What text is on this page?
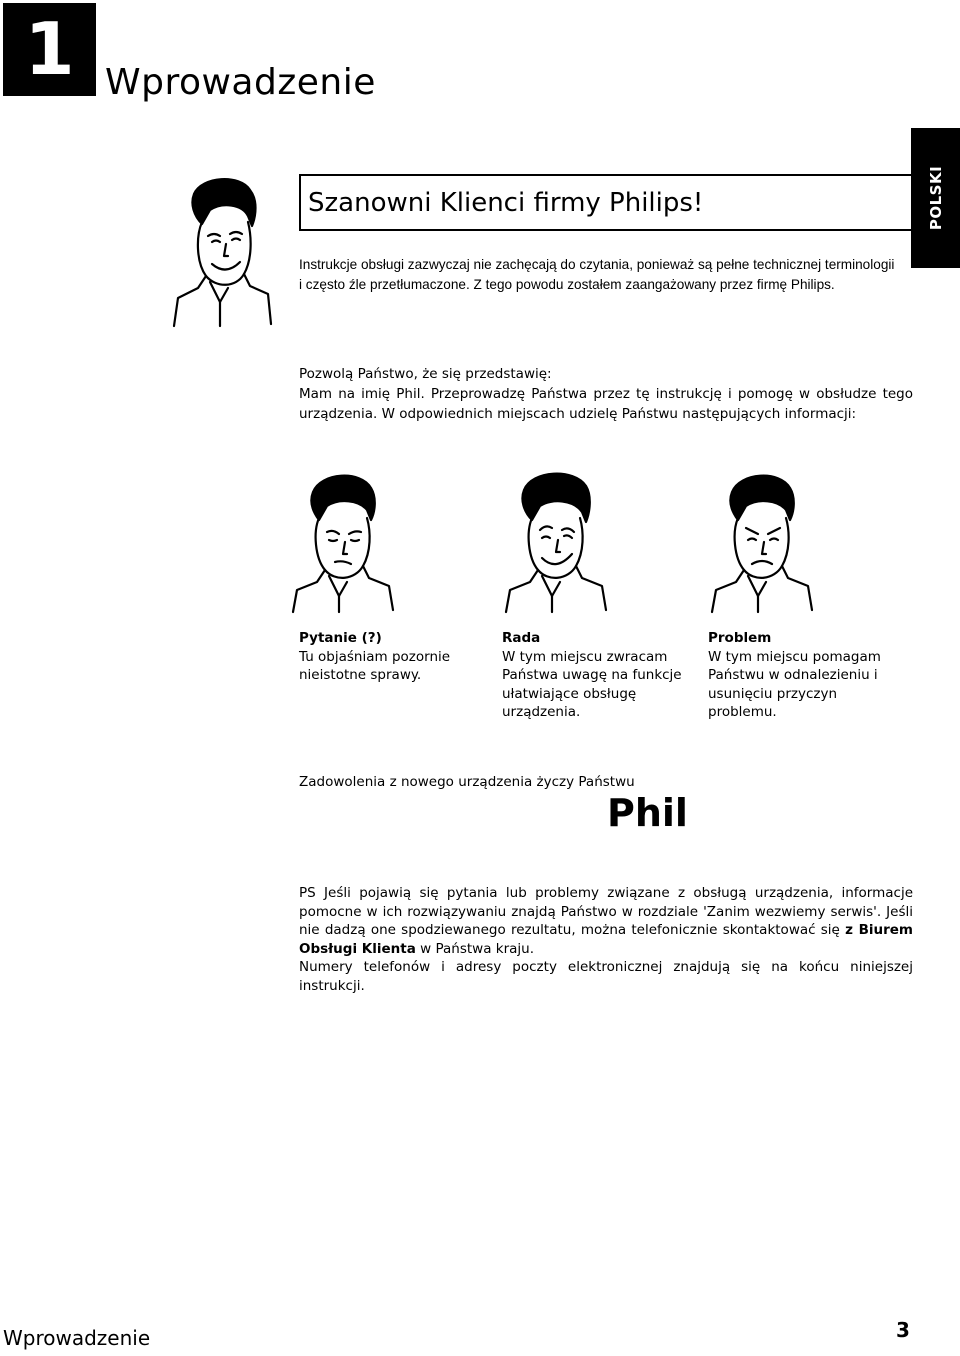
1 Wprowadzenie
POLSKI
Szanowni Klienci firmy Philips!
Instrukcje obsługi zazwyczaj nie zachęcają do czytania, ponieważ są pełne technicznej terminologii
i często źle przetłumaczone. Z tego powodu zostałem zaangażowany przez firmę Philips.
Pozwolą Państwo, że się przedstawię:
Mam na imię Phil. Przeprowadzę Państwa przez tę instrukcję i pomogę w obsłudze tego
urządzenia. W odpowiednich miejscach udzielę Państwu następujących informacji:
Pytanie (?)
Tu objaśniam pozornie
nieistotne sprawy.
Rada
W tym miejscu zwracam
Państwa uwagę na funkcje
ułatwiające obsługę
urządzenia.
Problem
W tym miejscu pomagam
Państwu w odnalezieniu i
usunięciu przyczyn
problemu.
Zadowolenia z nowego urządzenia życzy Państwu
Phil
PS Jeśli pojawią się pytania lub problemy związane z obsługą urządzenia, informacje pomocne w ich rozwiązywaniu znajdą Państwo w rozdziale 'Zanim wezwiemy serwis'. Jeśli nie dadzą one spodziewanego rezultatu, można telefonicznie skontaktować się z Biurem Obsługi Klienta w Państwa kraju.
Numery telefonów i adresy poczty elektronicznej znajdują się na końcu niniejszej instrukcji.
Wprowadzenie	3
